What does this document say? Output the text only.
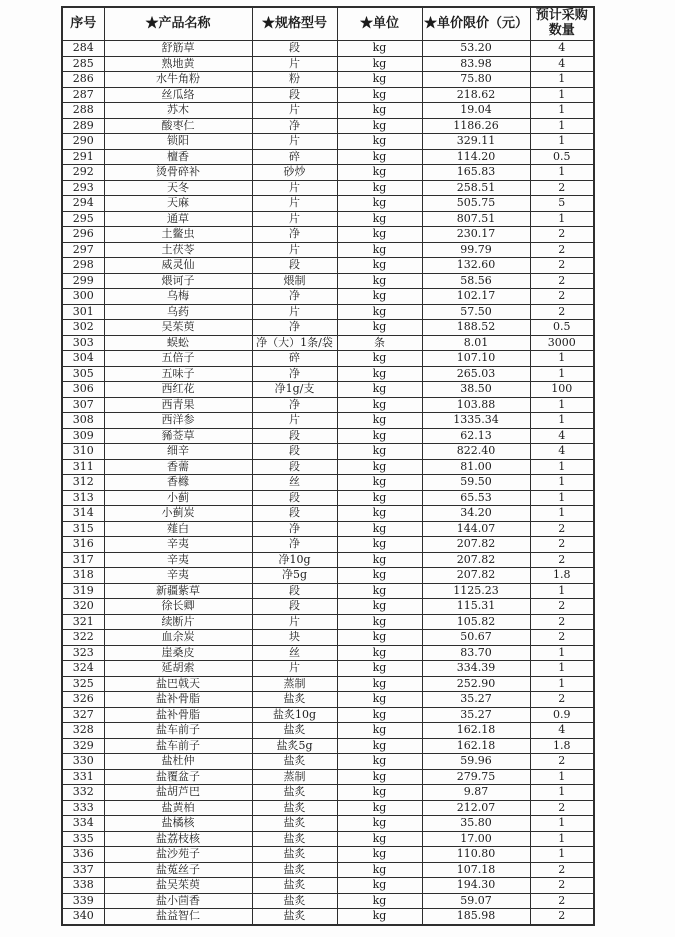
序号	★产品名称	★规格型号	★单位	★单价限价（元）	预计采购数量
284	舒筋草	段	kg	53.20	4
285	熟地黄	片	kg	83.98	4
286	水牛角粉	粉	kg	75.80	1
287	丝瓜络	段	kg	218.62	1
288	苏木	片	kg	19.04	1
289	酸枣仁	净	kg	1186.26	1
290	锁阳	片	kg	329.11	1
291	檀香	碎	kg	114.20	0.5
292	烫骨碎补	砂炒	kg	165.83	1
293	天冬	片	kg	258.51	2
294	天麻	片	kg	505.75	5
295	通草	片	kg	807.51	1
296	土鳖虫	净	kg	230.17	2
297	土茯苓	片	kg	99.79	2
298	威灵仙	段	kg	132.60	2
299	煨诃子	煨制	kg	58.56	2
300	乌梅	净	kg	102.17	2
301	乌药	片	kg	57.50	2
302	吴茱萸	净	kg	188.52	0.5
303	蜈蚣	净（大）1条/袋	条	8.01	3000
304	五倍子	碎	kg	107.10	1
305	五味子	净	kg	265.03	1
306	西红花	净1g/支	kg	38.50	100
307	西青果	净	kg	103.88	1
308	西洋参	片	kg	1335.34	1
309	豨莶草	段	kg	62.13	4
310	细辛	段	kg	822.40	4
311	香薷	段	kg	81.00	1
312	香橼	丝	kg	59.50	1
313	小蓟	段	kg	65.53	1
314	小蓟炭	段	kg	34.20	1
315	薤白	净	kg	144.07	2
316	辛夷	净	kg	207.82	2
317	辛夷	净10g	kg	207.82	2
318	辛夷	净5g	kg	207.82	1.8
319	新疆紫草	段	kg	1125.23	1
320	徐长卿	段	kg	115.31	2
321	续断片	片	kg	105.82	2
322	血余炭	块	kg	50.67	2
323	崖桑皮	丝	kg	83.70	1
324	延胡索	片	kg	334.39	1
325	盐巴戟天	蒸制	kg	252.90	1
326	盐补骨脂	盐炙	kg	35.27	2
327	盐补骨脂	盐炙10g	kg	35.27	0.9
328	盐车前子	盐炙	kg	162.18	4
329	盐车前子	盐炙5g	kg	162.18	1.8
330	盐杜仲	盐炙	kg	59.96	2
331	盐覆盆子	蒸制	kg	279.75	1
332	盐胡芦巴	盐炙	kg	9.87	1
333	盐黄柏	盐炙	kg	212.07	2
334	盐橘核	盐炙	kg	35.80	1
335	盐荔枝核	盐炙	kg	17.00	1
336	盐沙苑子	盐炙	kg	110.80	1
337	盐菟丝子	盐炙	kg	107.18	2
338	盐吴茱萸	盐炙	kg	194.30	2
339	盐小茴香	盐炙	kg	59.07	2
340	盐益智仁	盐炙	kg	185.98	2
